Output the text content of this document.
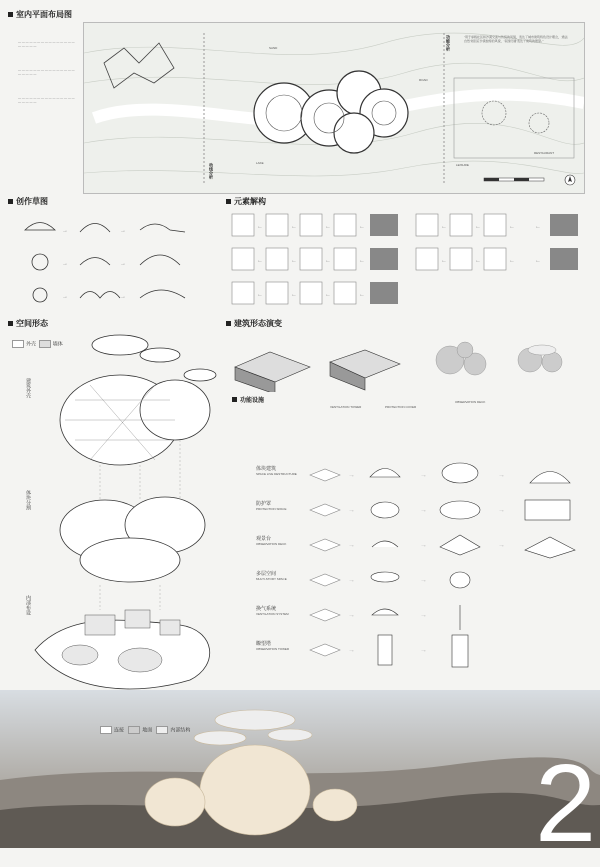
室内平面布局图
— — — — — — — — — — — — — — — — — — — —
— — — — — — — — — — — — — — — — — — — —
— — — — — — — — — — — — — — — — — — — —
SAND
ROAD
LAKE	LEISURE
RESTAURANT
动线分析
功能分析	“用于承载社区和沙漠交流与传统的风貌，表达了城市建筑特色设计理念，‘道法自然’则回应沙漠独特的风貌，‘家园归属’表达了建筑的愿望。”
创作草图
→	→
→	→
→	→
元素解构
←	←	←	←
←	←	←	←
←	←	←	←
←	←	←	←
←	←	←	←
空间形态
外壳	墙体
建筑外壳
体块分割
内部布设
建筑形态演变
功能设施
VENTILATION TOWER	PROTECTION COVER
OBSERVATION DECK
→
→
→
→
→
→
→
→
→
→
→
→
→
→
→
体块建筑
SPACE LIVE DESTRUCTURE
防护罩
PROTECTION SPACE
观景台
OBSERVATION DECK
多层空间
MULTI-STORY SPACE
换气系统
VENTILATION SYSTEM
瞭望塔
OBSERVATION TOWER
连接	地面	内部结构
2
